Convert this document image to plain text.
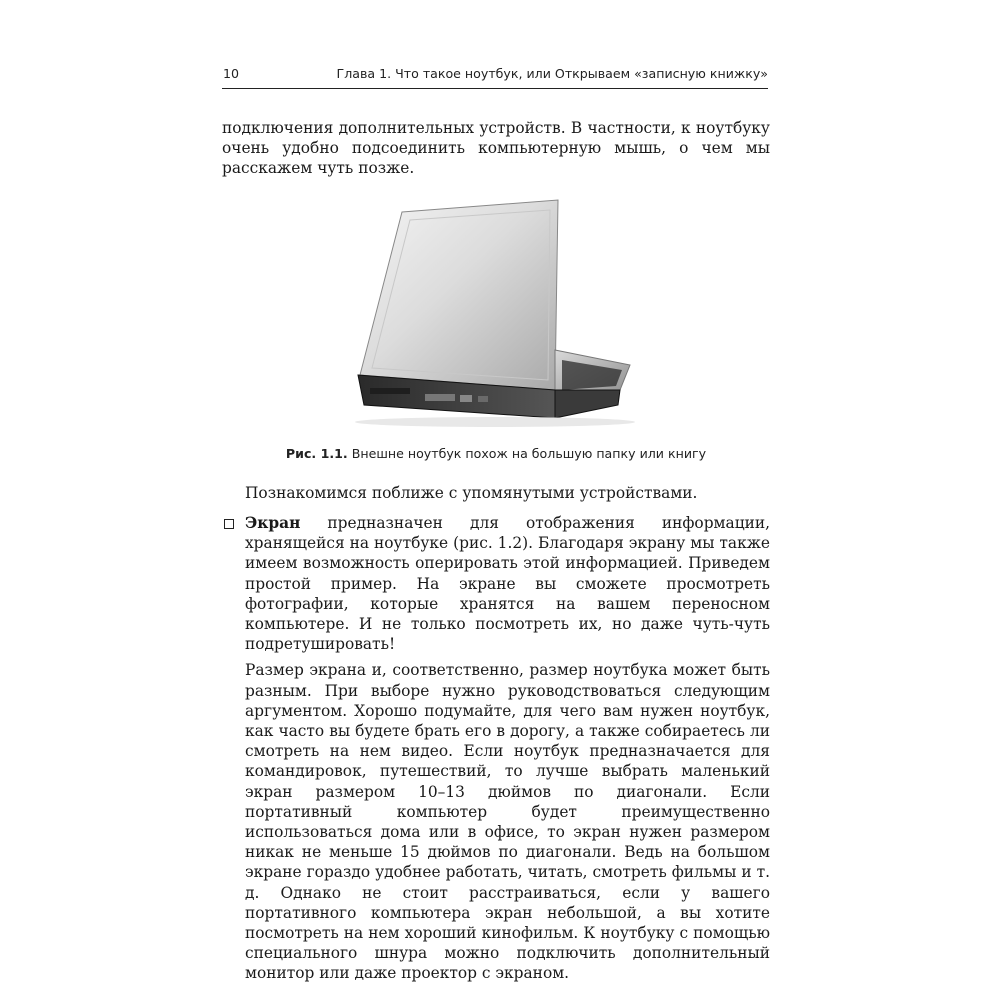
10	Глава 1. Что такое ноутбук, или Открываем «записную книжку»

подключения дополнительных устройств. В частности, к ноутбуку очень удобно подсоединить компьютерную мышь, о чем мы расскажем чуть позже.

Рис. 1.1. Внешне ноутбук похож на большую папку или книгу

Познакомимся поближе с упомянутыми устройствами.

Экран предназначен для отображения информации, хранящейся на ноутбуке (рис. 1.2). Благодаря экрану мы также имеем возможность оперировать этой информацией. Приведем простой пример. На экране вы сможете просмотреть фотографии, которые хранятся на вашем переносном компьютере. И не только посмотреть их, но даже чуть-чуть подретушировать!

Размер экрана и, соответственно, размер ноутбука может быть разным. При выборе нужно руководствоваться следующим аргументом. Хорошо подумайте, для чего вам нужен ноутбук, как часто вы будете брать его в дорогу, а также собираетесь ли смотреть на нем видео. Если ноутбук предназначается для командировок, путешествий, то лучше выбрать маленький экран размером 10–13 дюймов по диагонали. Если портативный компьютер будет преимущественно использоваться дома или в офисе, то экран нужен размером никак не меньше 15 дюймов по диагонали. Ведь на большом экране гораздо удобнее работать, читать, смотреть фильмы и т. д. Однако не стоит расстраиваться, если у вашего портативного компьютера экран небольшой, а вы хотите посмотреть на нем хороший кинофильм. К ноутбуку с помощью специального шнура можно подключить дополнительный монитор или даже проектор с экраном.
